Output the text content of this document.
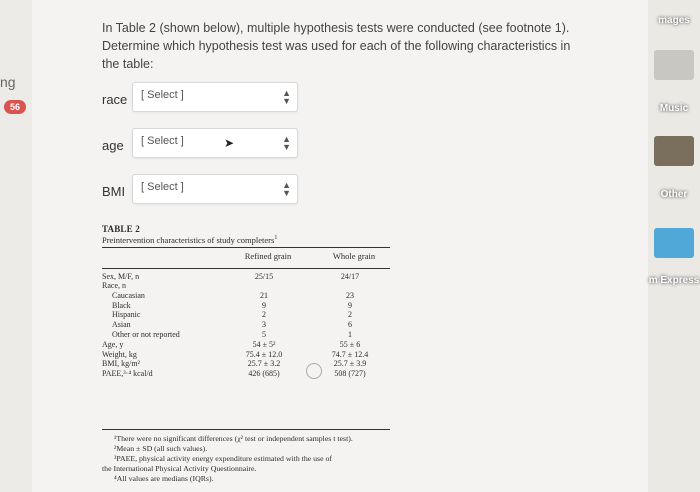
ng
56
In Table 2 (shown below), multiple hypothesis tests were conducted (see footnote 1). Determine which hypothesis test was used for each of the following characteristics in the table:
race [ Select ]	▲
▼
age [ Select ]	▲
▼
➤
BMI [ Select ]	▲
▼
TABLE 2
Preintervention characteristics of study completers$^1$
Refined grain	Whole grain
Sex, M/F, n	25/15	24/17
Race, n
Caucasian	21	23
Black	9	9
Hispanic	2	2
Asian	3	6
Other or not reported	5	1
Age, y	54 ± 5²	55 ± 6
Weight, kg	75.4 ± 12.0	74.7 ± 12.4
BMI, kg/m²	25.7 ± 3.2	25.7 ± 3.9
PAEE,³·⁴ kcal/d	426 (685)	508 (727)
¹There were no significant differences (χ² test or independent samples t test).
²Mean ± SD (all such values).
³PAEE, physical activity energy expenditure estimated with the use of
the International Physical Activity Questionnaire.
⁴All values are medians (IQRs).
mages
Music
Other
m Express
